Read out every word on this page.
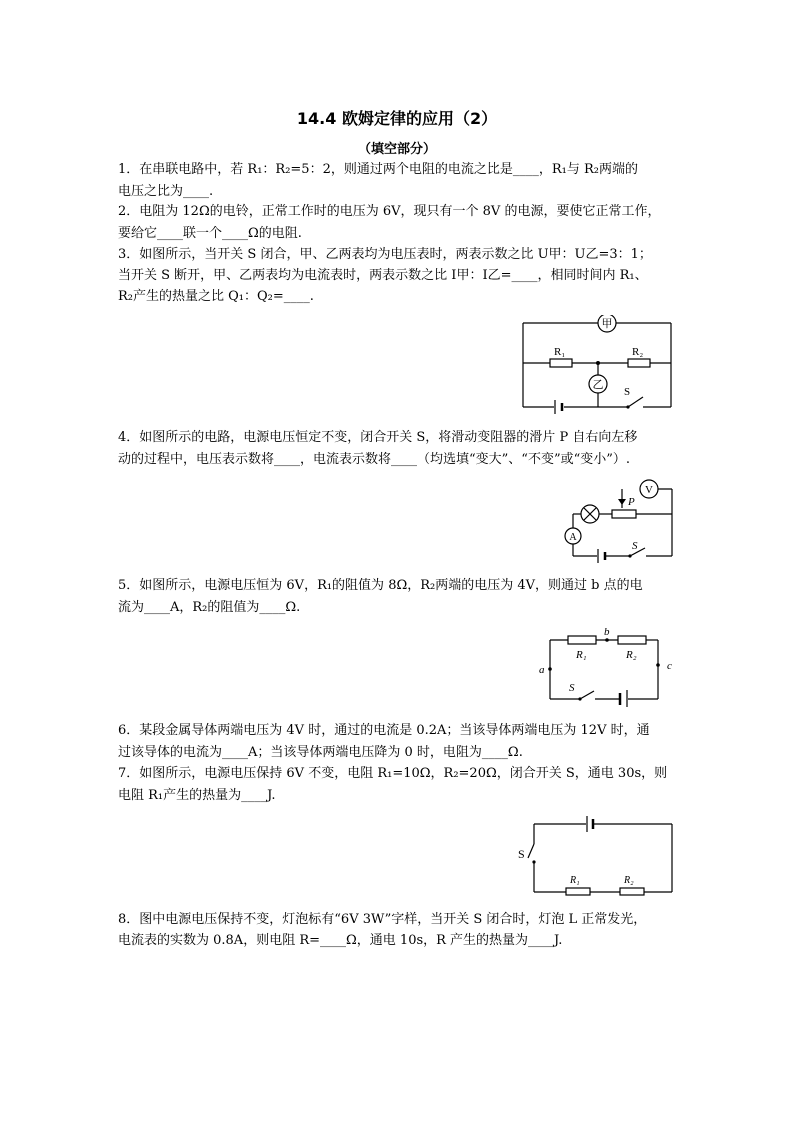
14.4 欧姆定律的应用（2）
（填空部分）
1．在串联电路中，若 R₁：R₂=5：2，则通过两个电阻的电流之比是____，R₁与 R₂两端的
电压之比为____.
2．电阻为 12Ω的电铃，正常工作时的电压为 6V，现只有一个 8V 的电源，要使它正常工作，
要给它____联一个____Ω的电阻.
3．如图所示，当开关 S 闭合，甲、乙两表均为电压表时，两表示数之比 U甲：U乙=3：1；
当开关 S 断开，甲、乙两表均为电流表时，两表示数之比 I甲：I乙=____，相同时间内 R₁、
R₂产生的热量之比 Q₁：Q₂=____.
甲
乙
R₁	R₂
S
4．如图所示的电路，电源电压恒定不变，闭合开关 S，将滑动变阻器的滑片 P 自右向左移
动的过程中，电压表示数将____，电流表示数将____（均选填“变大”、“不变”或“变小”）.
V
A
P
S
5．如图所示，电源电压恒为 6V，R₁的阻值为 8Ω，R₂两端的电压为 4V，则通过 b 点的电
流为____A，R₂的阻值为____Ω.
R₁	R₂
b
a	c
S
6．某段金属导体两端电压为 4V 时，通过的电流是 0.2A；当该导体两端电压为 12V 时，通
过该导体的电流为____A；当该导体两端电压降为 0 时，电阻为____Ω.
7．如图所示，电源电压保持 6V 不变，电阻 R₁=10Ω，R₂=20Ω，闭合开关 S，通电 30s，则
电阻 R₁产生的热量为____J.
S
R₁	R₂
8．图中电源电压保持不变，灯泡标有“6V 3W”字样，当开关 S 闭合时，灯泡 L 正常发光，
电流表的实数为 0.8A，则电阻 R=____Ω，通电 10s，R 产生的热量为____J.
